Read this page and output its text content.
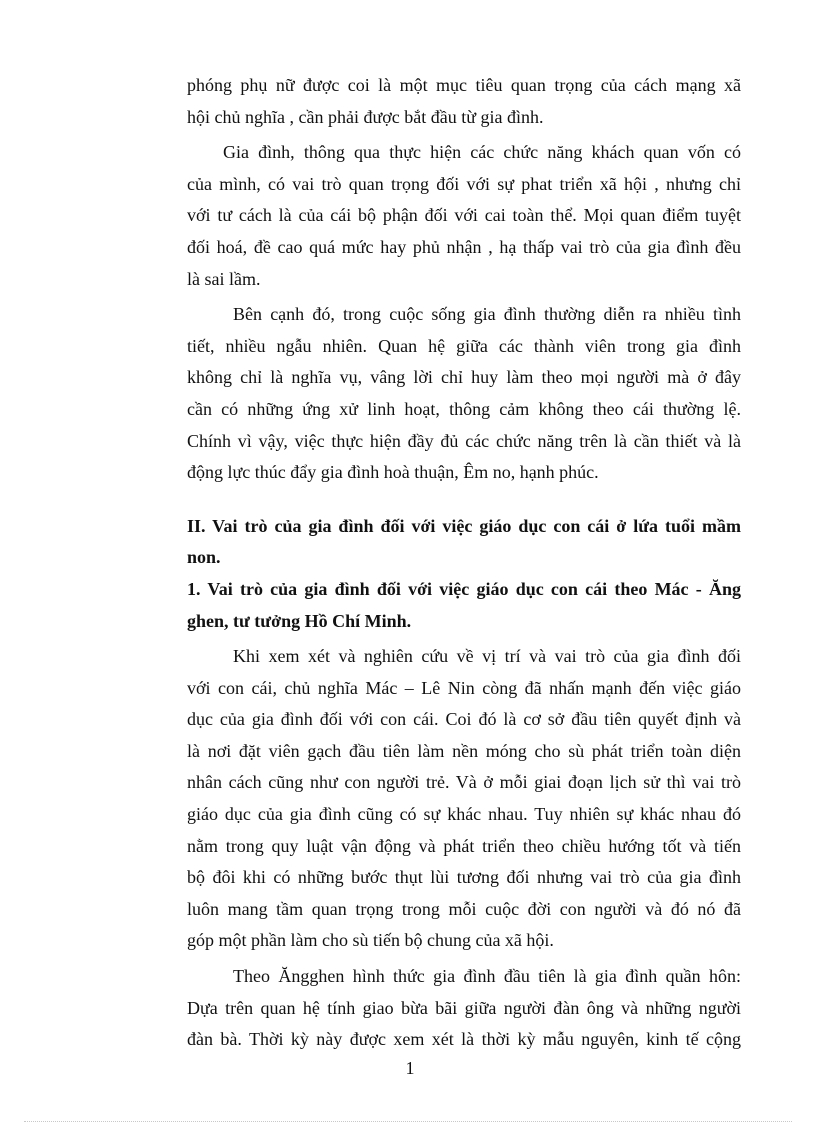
phóng phụ nữ được coi là một mục tiêu quan trọng của cách mạng xã
hội chủ nghĩa , cần phải được bắt đầu từ gia đình.

Gia đình, thông qua thực hiện các chức năng khách quan vốn có
của mình, có vai trò quan trọng đối với sự phat triển xã hội , nhưng chỉ
với tư cách là của cái bộ phận đối với cai toàn thể. Mọi quan điểm tuyệt
đối hoá, đề cao quá mức hay phủ nhận , hạ thấp vai trò của gia đình đều
là sai lầm.

Bên cạnh đó, trong cuộc sống gia đình thường diễn ra nhiều tình
tiết, nhiều ngẫu nhiên. Quan hệ giữa các thành viên trong gia đình
không chỉ là nghĩa vụ, vâng lời chỉ huy làm theo mọi người mà ở đây
cần có những ứng xử linh hoạt, thông cảm không theo cái thường lệ.
Chính vì vậy, việc thực hiện đầy đủ các chức năng trên là cần thiết và là
động lực thúc đẩy gia đình hoà thuận, Êm no, hạnh phúc.

II. Vai trò của gia đình đối với việc giáo dục con cái ở lứa tuổi mầm
non.
1. Vai trò của gia đình đối với việc giáo dục con cái theo Mác - Ăng
ghen, tư tưởng Hồ Chí Minh.

Khi xem xét và nghiên cứu về vị trí và vai trò của gia đình đối
với con cái, chủ nghĩa Mác – Lê Nin còng đã nhấn mạnh đến việc giáo
dục của gia đình đối với con cái. Coi đó là cơ sở đầu tiên quyết định và
là nơi đặt viên gạch đầu tiên làm nền móng cho sù phát triển toàn diện
nhân cách cũng như con người trẻ. Và ở mỗi giai đoạn lịch sử thì vai trò
giáo dục của gia đình cũng có sự khác nhau. Tuy nhiên sự khác nhau đó
nằm trong quy luật vận động và phát triển theo chiều hướng tốt và tiến
bộ đôi khi có những bước thụt lùi tương đối nhưng vai trò của gia đình
luôn mang tầm quan trọng trong mỗi cuộc đời con người và đó nó đã
góp một phần làm cho sù tiến bộ chung của xã hội.

Theo Ăngghen hình thức gia đình đầu tiên là gia đình quần hôn:
Dựa trên quan hệ tính giao bừa bãi giữa người đàn ông và những người
đàn bà. Thời kỳ này được xem xét là thời kỳ mẫu nguyên, kinh tế cộng

1
